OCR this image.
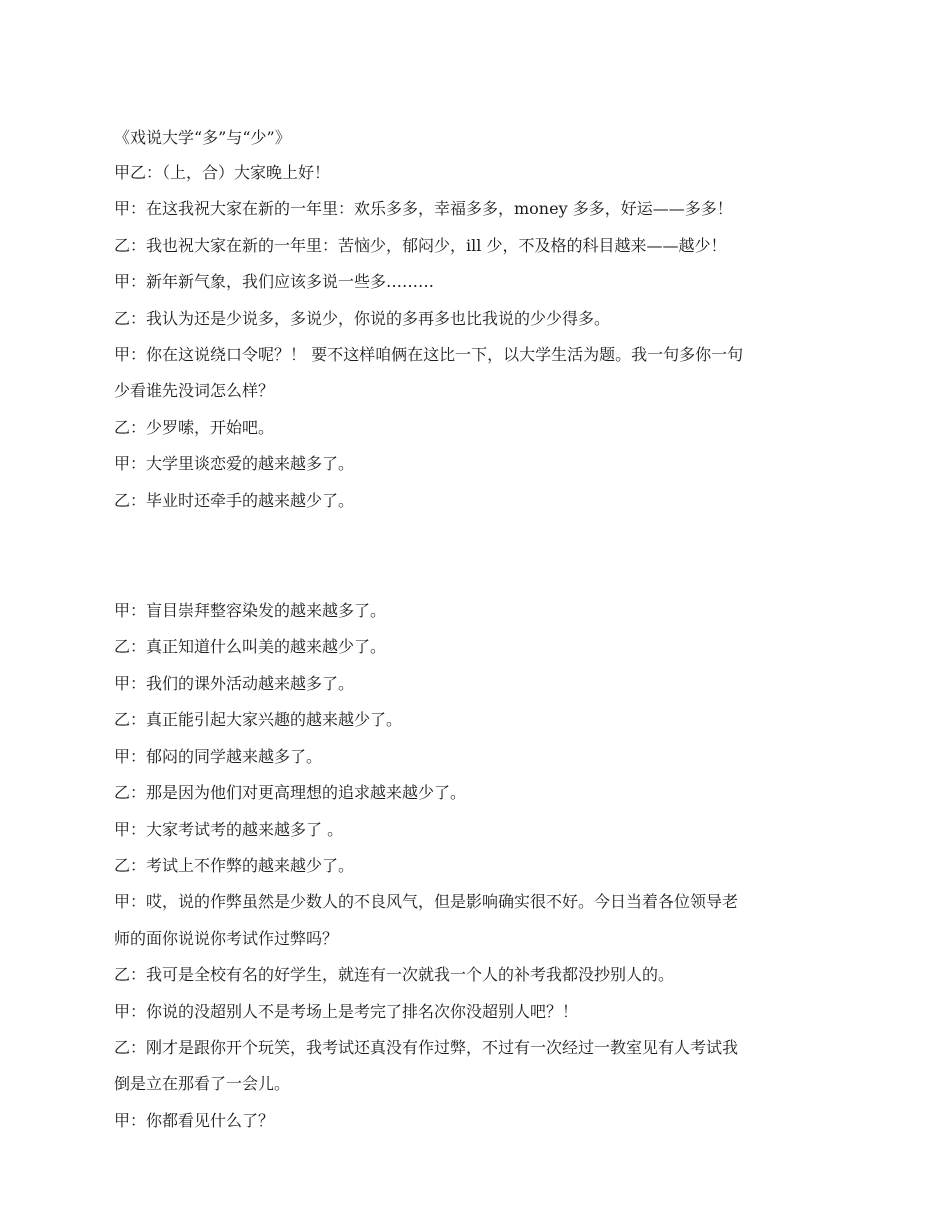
《戏说大学“多”与“少”》

甲乙：（上，合）大家晚上好！

甲：在这我祝大家在新的一年里：欢乐多多，幸福多多，money 多多，好运——多多！

乙：我也祝大家在新的一年里：苦恼少，郁闷少，ill 少，不及格的科目越来——越少！

甲：新年新气象，我们应该多说一些多………

乙：我认为还是少说多，多说少，你说的多再多也比我说的少少得多。

甲：你在这说绕口令呢？！ 要不这样咱俩在这比一下，以大学生活为题。我一句多你一句

少看谁先没词怎么样？

乙：少罗嗦，开始吧。

甲：大学里谈恋爱的越来越多了。

乙：毕业时还牵手的越来越少了。

甲：盲目崇拜整容染发的越来越多了。

乙：真正知道什么叫美的越来越少了。

甲：我们的课外活动越来越多了。

乙：真正能引起大家兴趣的越来越少了。

甲：郁闷的同学越来越多了。

乙：那是因为他们对更高理想的追求越来越少了。

甲：大家考试考的越来越多了 。

乙：考试上不作弊的越来越少了。

甲：哎，说的作弊虽然是少数人的不良风气，但是影响确实很不好。今日当着各位领导老

师的面你说说你考试作过弊吗？

乙：我可是全校有名的好学生，就连有一次就我一个人的补考我都没抄别人的。

甲：你说的没超别人不是考场上是考完了排名次你没超别人吧？！

乙：刚才是跟你开个玩笑，我考试还真没有作过弊，不过有一次经过一教室见有人考试我

倒是立在那看了一会儿。

甲：你都看见什么了？
